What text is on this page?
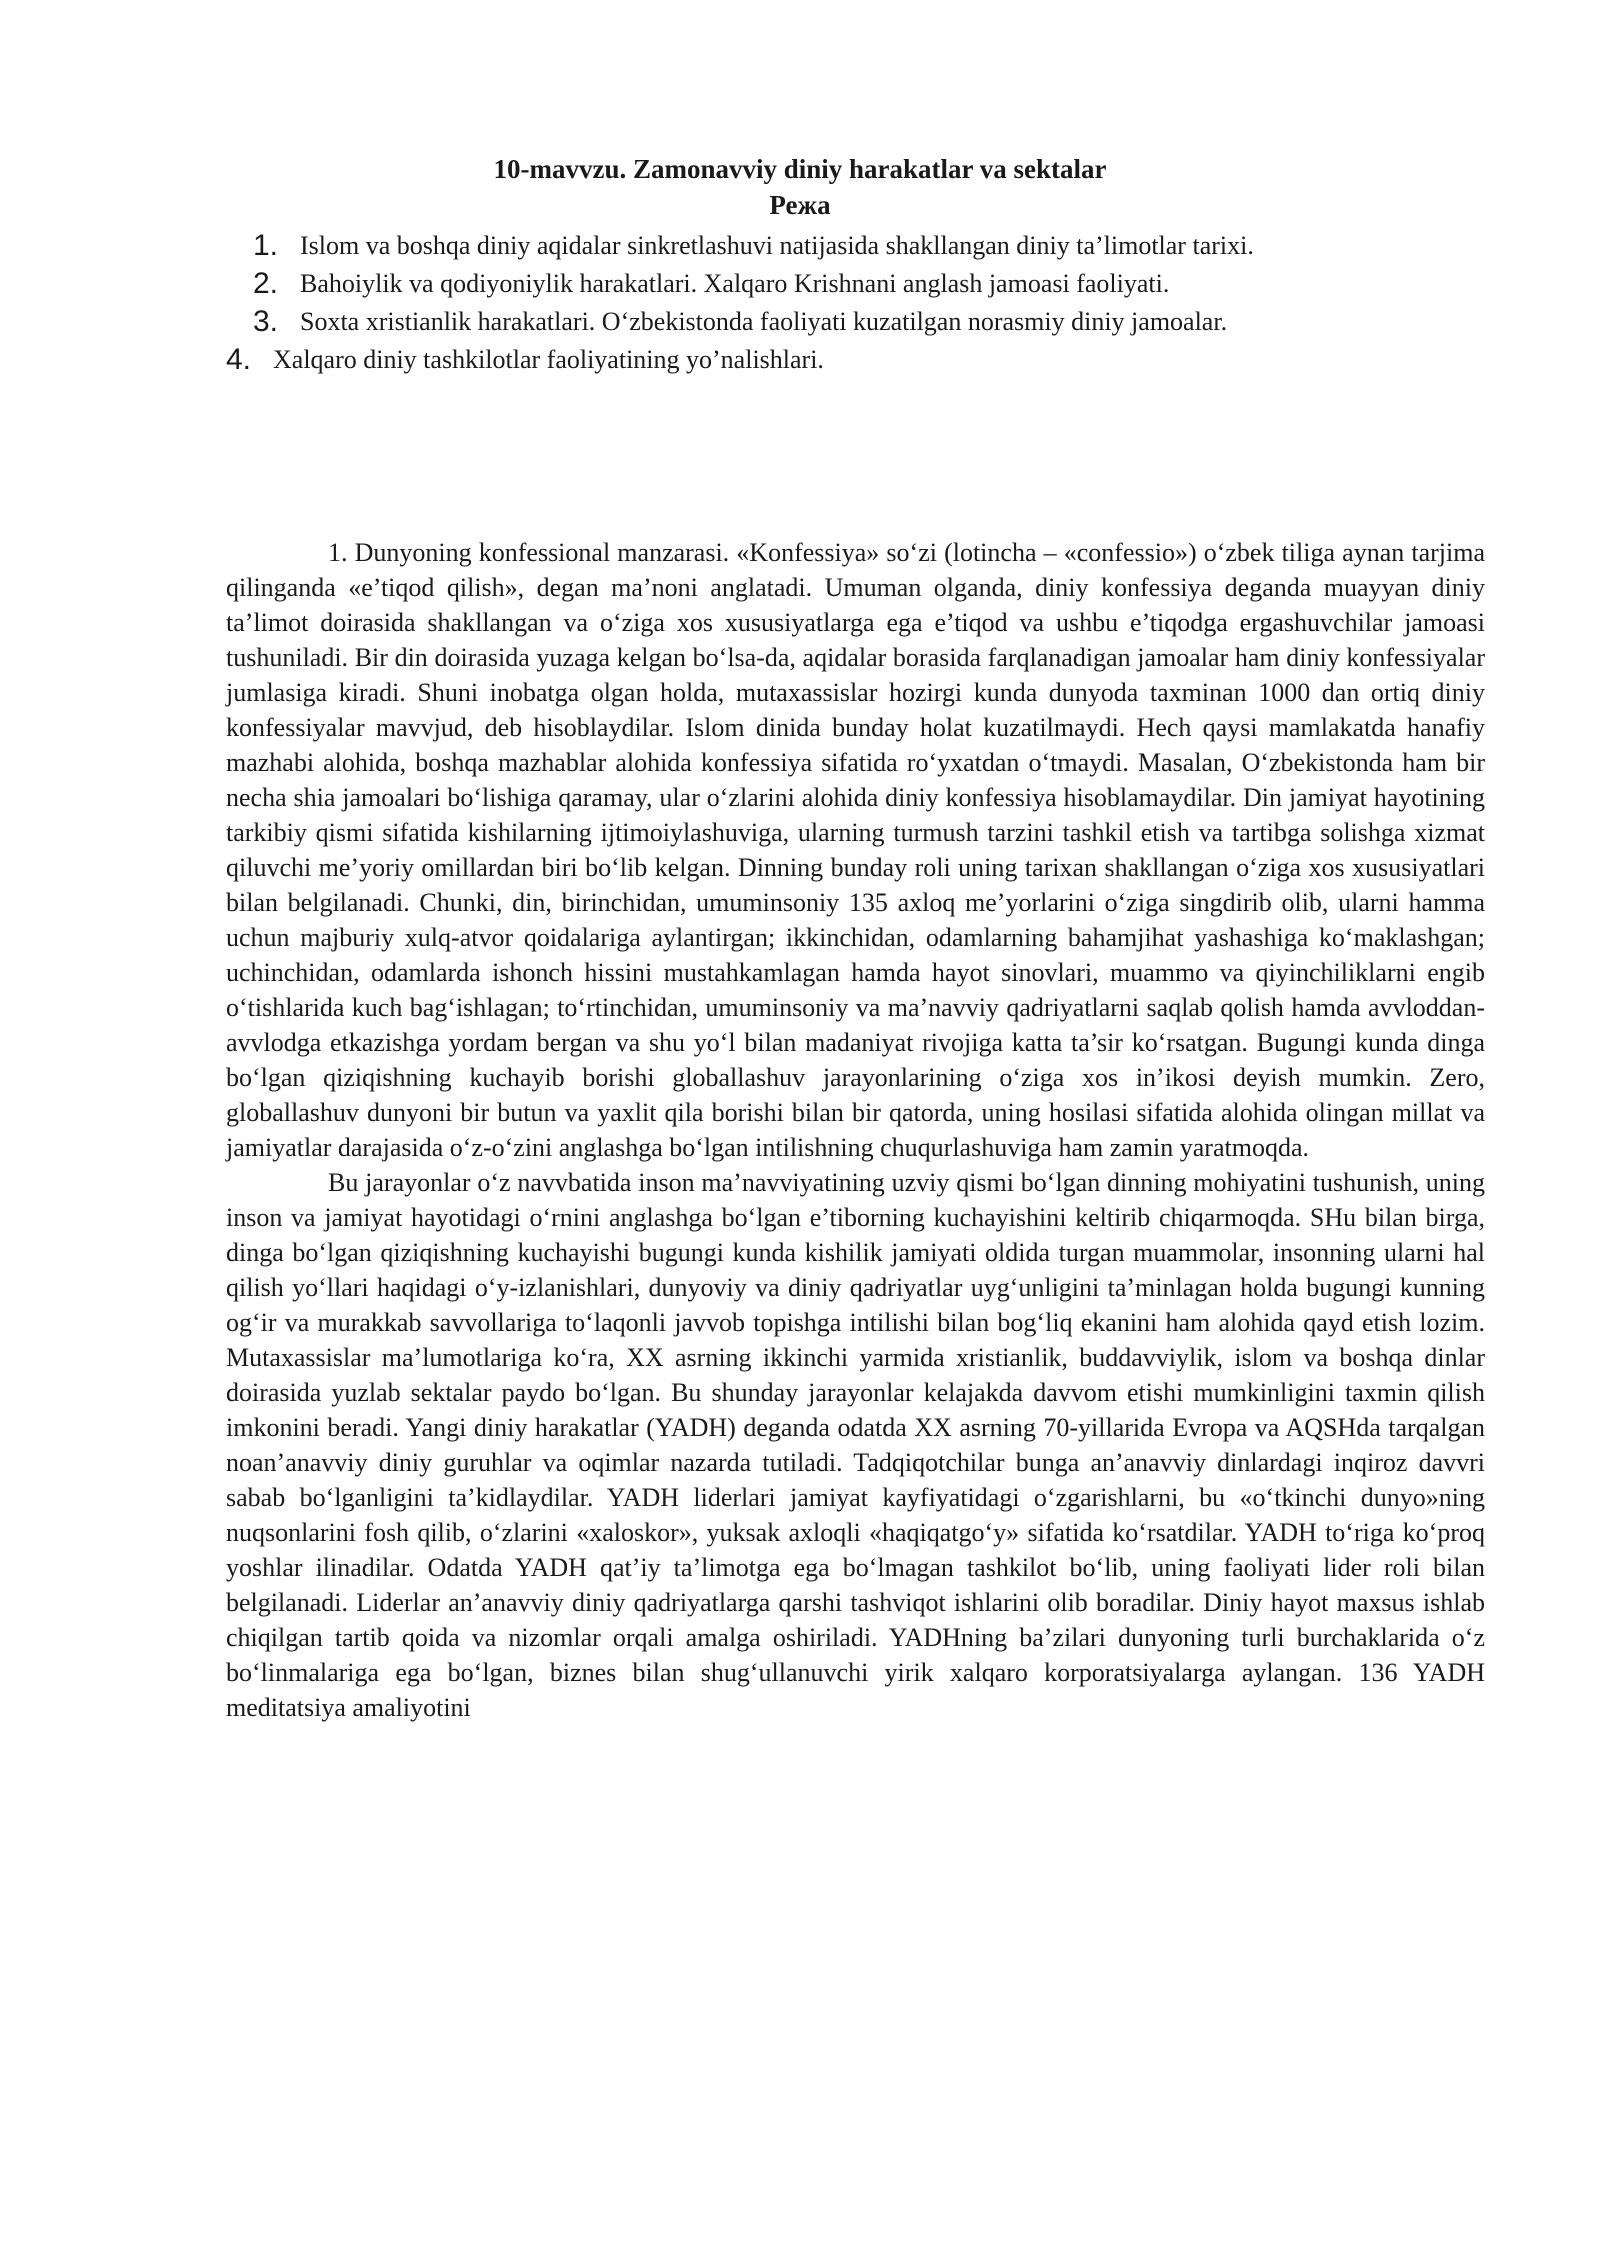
10-mavvzu. Zamonavviy diniy harakatlar va sektalar
Режа
1. Islom va boshqa diniy aqidalar sinkretlashuvi natijasida shakllangan diniy ta’limotlar tarixi.
2. Bahoiylik va qodiyoniylik harakatlari. Xalqaro Krishnani anglash jamoasi faoliyati.
3. Soxta xristianlik harakatlari. O‘zbekistonda faoliyati kuzatilgan norasmiy diniy jamoalar.
4. Xalqaro diniy tashkilotlar faoliyatining yo’nalishlari.

1. Dunyoning konfessional manzarasi. «Konfessiya» so‘zi (lotincha – «confessio») o‘zbek tiliga aynan tarjima qilinganda «e’tiqod qilish», degan ma’noni anglatadi. Umuman olganda, diniy konfessiya deganda muayyan diniy ta’limot doirasida shakllangan va o‘ziga xos xususiyatlarga ega e’tiqod va ushbu e’tiqodga ergashuvchilar jamoasi tushuniladi. Bir din doirasida yuzaga kelgan bo‘lsa-da, aqidalar borasida farqlanadigan jamoalar ham diniy konfessiyalar jumlasiga kiradi. Shuni inobatga olgan holda, mutaxassislar hozirgi kunda dunyoda taxminan 1000 dan ortiq diniy konfessiyalar mavvjud, deb hisoblaydilar. Islom dinida bunday holat kuzatilmaydi. Hech qaysi mamlakatda hanafiy mazhabi alohida, boshqa mazhablar alohida konfessiya sifatida ro‘yxatdan o‘tmaydi. Masalan, O‘zbekistonda ham bir necha shia jamoalari bo‘lishiga qaramay, ular o‘zlarini alohida diniy konfessiya hisoblamaydilar. Din jamiyat hayotining tarkibiy qismi sifatida kishilarning ijtimoiylashuviga, ularning turmush tarzini tashkil etish va tartibga solishga xizmat qiluvchi me’yoriy omillardan biri bo‘lib kelgan. Dinning bunday roli uning tarixan shakllangan o‘ziga xos xususiyatlari bilan belgilanadi. Chunki, din, birinchidan, umuminsoniy 135 axloq me’yorlarini o‘ziga singdirib olib, ularni hamma uchun majburiy xulq-atvor qoidalariga aylantirgan; ikkinchidan, odamlarning bahamjihat yashashiga ko‘maklashgan; uchinchidan, odamlarda ishonch hissini mustahkamlagan hamda hayot sinovlari, muammo va qiyinchiliklarni engib o‘tishlarida kuch bag‘ishlagan; to‘rtinchidan, umuminsoniy va ma’navviy qadriyatlarni saqlab qolish hamda avvloddan-avvlodga etkazishga yordam bergan va shu yo‘l bilan madaniyat rivojiga katta ta’sir ko‘rsatgan. Bugungi kunda dinga bo‘lgan qiziqishning kuchayib borishi globallashuv jarayonlarining o‘ziga xos in’ikosi deyish mumkin. Zero, globallashuv dunyoni bir butun va yaxlit qila borishi bilan bir qatorda, uning hosilasi sifatida alohida olingan millat va jamiyatlar darajasida o‘z-o‘zini anglashga bo‘lgan intilishning chuqurlashuviga ham zamin yaratmoqda.

Bu jarayonlar o‘z navvbatida inson ma’navviyatining uzviy qismi bo‘lgan dinning mohiyatini tushunish, uning inson va jamiyat hayotidagi o‘rnini anglashga bo‘lgan e’tiborning kuchayishini keltirib chiqarmoqda. SHu bilan birga, dinga bo‘lgan qiziqishning kuchayishi bugungi kunda kishilik jamiyati oldida turgan muammolar, insonning ularni hal qilish yo‘llari haqidagi o‘y-izlanishlari, dunyoviy va diniy qadriyatlar uyg‘unligini ta’minlagan holda bugungi kunning og‘ir va murakkab savvollariga to‘laqonli javvob topishga intilishi bilan bog‘liq ekanini ham alohida qayd etish lozim. Mutaxassislar ma’lumotlariga ko‘ra, XX asrning ikkinchi yarmida xristianlik, buddavviylik, islom va boshqa dinlar doirasida yuzlab sektalar paydo bo‘lgan. Bu shunday jarayonlar kelajakda davvom etishi mumkinligini taxmin qilish imkonini beradi. Yangi diniy harakatlar (YADH) deganda odatda XX asrning 70-yillarida Evropa va AQSHda tarqalgan noan’anavviy diniy guruhlar va oqimlar nazarda tutiladi. Tadqiqotchilar bunga an’anavviy dinlardagi inqiroz davvri sabab bo‘lganligini ta’kidlaydilar. YADH liderlari jamiyat kayfiyatidagi o‘zgarishlarni, bu «o‘tkinchi dunyo»ning nuqsonlarini fosh qilib, o‘zlarini «xaloskor», yuksak axloqli «haqiqatgo‘y» sifatida ko‘rsatdilar. YADH to‘riga ko‘proq yoshlar ilinadilar. Odatda YADH qat’iy ta’limotga ega bo‘lmagan tashkilot bo‘lib, uning faoliyati lider roli bilan belgilanadi. Liderlar an’anavviy diniy qadriyatlarga qarshi tashviqot ishlarini olib boradilar. Diniy hayot maxsus ishlab chiqilgan tartib qoida va nizomlar orqali amalga oshiriladi. YADHning ba’zilari dunyoning turli burchaklarida o‘z bo‘linmalariga ega bo‘lgan, biznes bilan shug‘ullanuvchi yirik xalqaro korporatsiyalarga aylangan. 136 YADH meditatsiya amaliyotini
